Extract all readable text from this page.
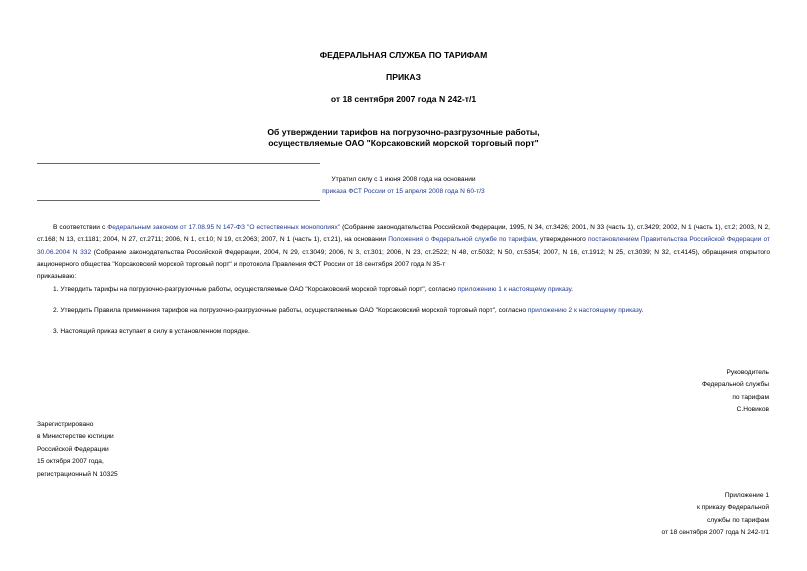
ФЕДЕРАЛЬНАЯ СЛУЖБА ПО ТАРИФАМ
ПРИКАЗ
от 18 сентября 2007 года N 242-т/1
Об утверждении тарифов на погрузочно-разгрузочные работы,
осуществляемые ОАО "Корсаковский морской торговый порт"
Утратил силу с 1 июня 2008 года на основании
приказа ФСТ России от 15 апреля 2008 года N 60-т/3
В соответствии с Федеральным законом от 17.08.95 N 147-ФЗ "О естественных монополиях" (Собрание законодательства Российской Федерации, 1995, N 34, ст.3426; 2001, N 33 (часть 1), ст.3429; 2002, N 1 (часть 1), ст.2; 2003, N 2, ст.168; N 13, ст.1181; 2004, N 27, ст.2711; 2006, N 1, ст.10; N 19, ст.2063; 2007, N 1 (часть 1), ст.21), на основании Положения о Федеральной службе по тарифам, утвержденного постановлением Правительства Российской Федерации от 30.06.2004 N 332 (Собрание законодательства Российской Федерации, 2004, N 29, ст.3049; 2006, N 3, ст.301; 2006, N 23, ст.2522; N 48, ст.5032; N 50, ст.5354; 2007, N 16, ст.1912; N 25, ст.3039; N 32, ст.4145), обращения открытого акционерного общества "Корсаковский морской торговый порт" и протокола Правления ФСТ России от 18 сентября 2007 года N 35-т
приказываю:
1. Утвердить тарифы на погрузочно-разгрузочные работы, осуществляемые ОАО "Корсаковский морской торговый порт", согласно приложению 1 к настоящему приказу.
2. Утвердить Правила применения тарифов на погрузочно-разгрузочные работы, осуществляемые ОАО "Корсаковский морской торговый порт", согласно приложению 2 к настоящему приказу.
3. Настоящий приказ вступает в силу в установленном порядке.
Руководитель
Федеральной службы
по тарифам
С.Новиков
Зарегистрировано
в Министерстве юстиции
Российской Федерации
15 октября 2007 года,
регистрационный N 10325
Приложение 1
к приказу Федеральной
службы по тарифам
от 18 сентября 2007 года N 242-т/1
